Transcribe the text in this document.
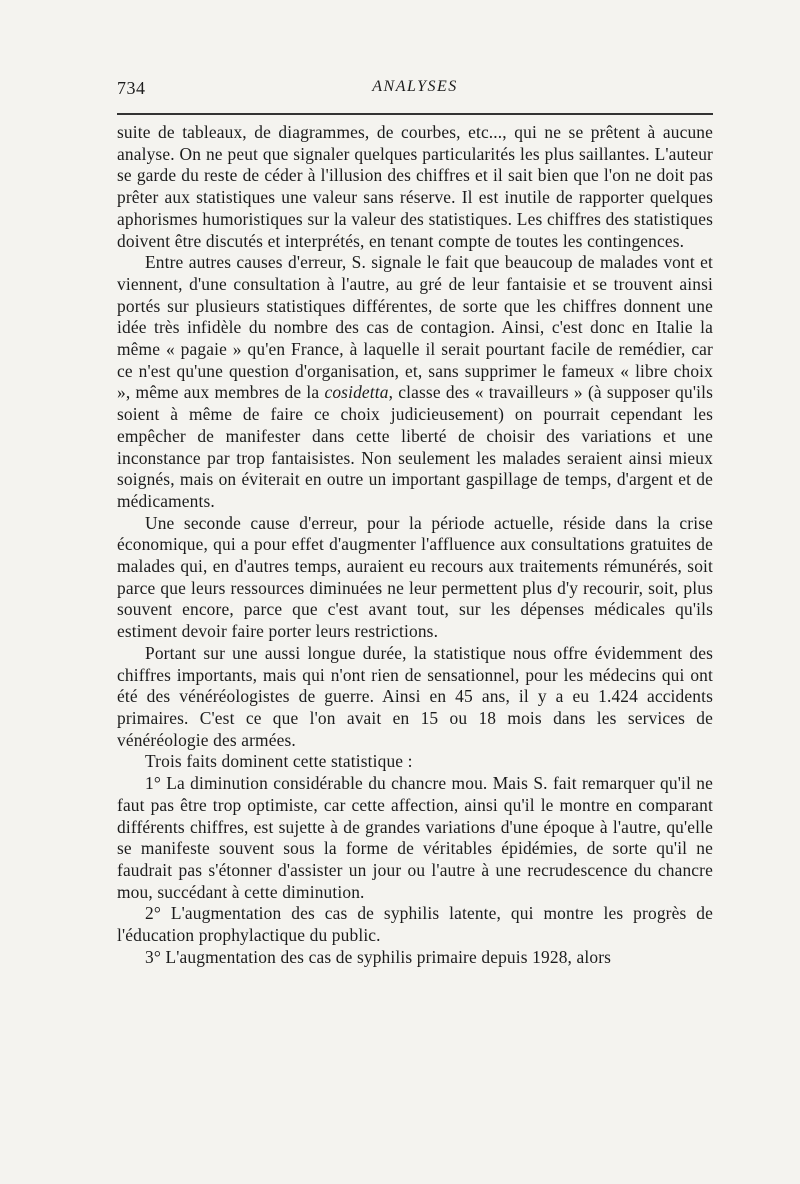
734	ANALYSES

suite de tableaux, de diagrammes, de courbes, etc..., qui ne se prêtent à aucune analyse. On ne peut que signaler quelques particularités les plus saillantes. L'auteur se garde du reste de céder à l'illusion des chiffres et il sait bien que l'on ne doit pas prêter aux statistiques une valeur sans réserve. Il est inutile de rapporter quelques aphorismes humoristiques sur la valeur des statistiques. Les chiffres des statistiques doivent être discutés et interprétés, en tenant compte de toutes les contingences.

Entre autres causes d'erreur, S. signale le fait que beaucoup de malades vont et viennent, d'une consultation à l'autre, au gré de leur fantaisie et se trouvent ainsi portés sur plusieurs statistiques différentes, de sorte que les chiffres donnent une idée très infidèle du nombre des cas de contagion. Ainsi, c'est donc en Italie la même « pagaie » qu'en France, à laquelle il serait pourtant facile de remédier, car ce n'est qu'une question d'organisation, et, sans supprimer le fameux « libre choix », même aux membres de la cosidetta, classe des « travailleurs » (à supposer qu'ils soient à même de faire ce choix judicieusement) on pourrait cependant les empêcher de manifester dans cette liberté de choisir des variations et une inconstance par trop fantaisistes. Non seulement les malades seraient ainsi mieux soignés, mais on éviterait en outre un important gaspillage de temps, d'argent et de médicaments.

Une seconde cause d'erreur, pour la période actuelle, réside dans la crise économique, qui a pour effet d'augmenter l'affluence aux consultations gratuites de malades qui, en d'autres temps, auraient eu recours aux traitements rémunérés, soit parce que leurs ressources diminuées ne leur permettent plus d'y recourir, soit, plus souvent encore, parce que c'est avant tout, sur les dépenses médicales qu'ils estiment devoir faire porter leurs restrictions.

Portant sur une aussi longue durée, la statistique nous offre évidemment des chiffres importants, mais qui n'ont rien de sensationnel, pour les médecins qui ont été des vénéréologistes de guerre. Ainsi en 45 ans, il y a eu 1.424 accidents primaires. C'est ce que l'on avait en 15 ou 18 mois dans les services de vénéréologie des armées.

Trois faits dominent cette statistique :

1° La diminution considérable du chancre mou. Mais S. fait remarquer qu'il ne faut pas être trop optimiste, car cette affection, ainsi qu'il le montre en comparant différents chiffres, est sujette à de grandes variations d'une époque à l'autre, qu'elle se manifeste souvent sous la forme de véritables épidémies, de sorte qu'il ne faudrait pas s'étonner d'assister un jour ou l'autre à une recrudescence du chancre mou, succédant à cette diminution.

2° L'augmentation des cas de syphilis latente, qui montre les progrès de l'éducation prophylactique du public.

3° L'augmentation des cas de syphilis primaire depuis 1928, alors
